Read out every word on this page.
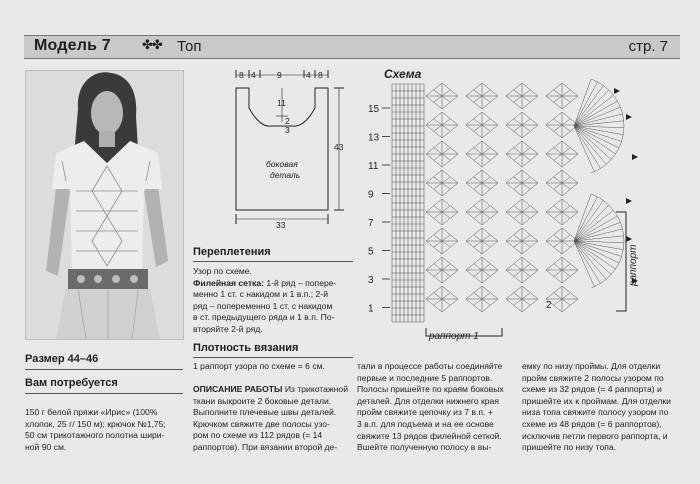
Модель 7 ✤✤ Топ	стр. 7
8 4	9	4 8
11
2
3
43
33
боковая
деталь
Схема
15
13
11
9
7
5
3
1
раппорт 1
раппорт
2
Размер 44–46
Вам потребуется
150 г белой пряжи «Ирис» (100%
хлопок, 25 г/ 150 м); крючок №1,75;
50 см трикотажного полотна шири-
ной 90 см.
Переплетения
Узор по схеме.
Филейная сетка: 1-й ряд – попере-
менно 1 ст. с накидом и 1 в.п.; 2-й
ряд – попеременно 1 ст. с накидом
в ст. предыдущего ряда и 1 в.п. По-
вторяйте 2-й ряд.
Плотность вязания
1 раппорт узора по схеме = 6 см.
ОПИСАНИЕ РАБОТЫ Из трикотажной
ткани выкроите 2 боковые детали.
Выполните плечевые швы деталей.
Крючком свяжите две полосы узо-
ром по схеме из 112 рядов (= 14
раппортов). При вязании второй де-
тали в процессе работы соединяйте
первые и последние 5 раппортов.
Полосы пришейте по краям боковых
деталей. Для отделки нижнего края
пройм свяжите цепочку из 7 в.п. +
3 в.п. для подъема и на ее основе
свяжите 13 рядов филейной сеткой.
Вшейте полученную полосу в вы-
емку по низу проймы. Для отделки
пройм свяжите 2 полосы узором по
схеме из 32 рядов (= 4 раппорта) и
пришейте их к проймам. Для отделки
низа топа свяжите полосу узором по
схеме из 48 рядов (= 6 раппортов),
исключив петли первого раппорта, и
пришейте по низу топа.
